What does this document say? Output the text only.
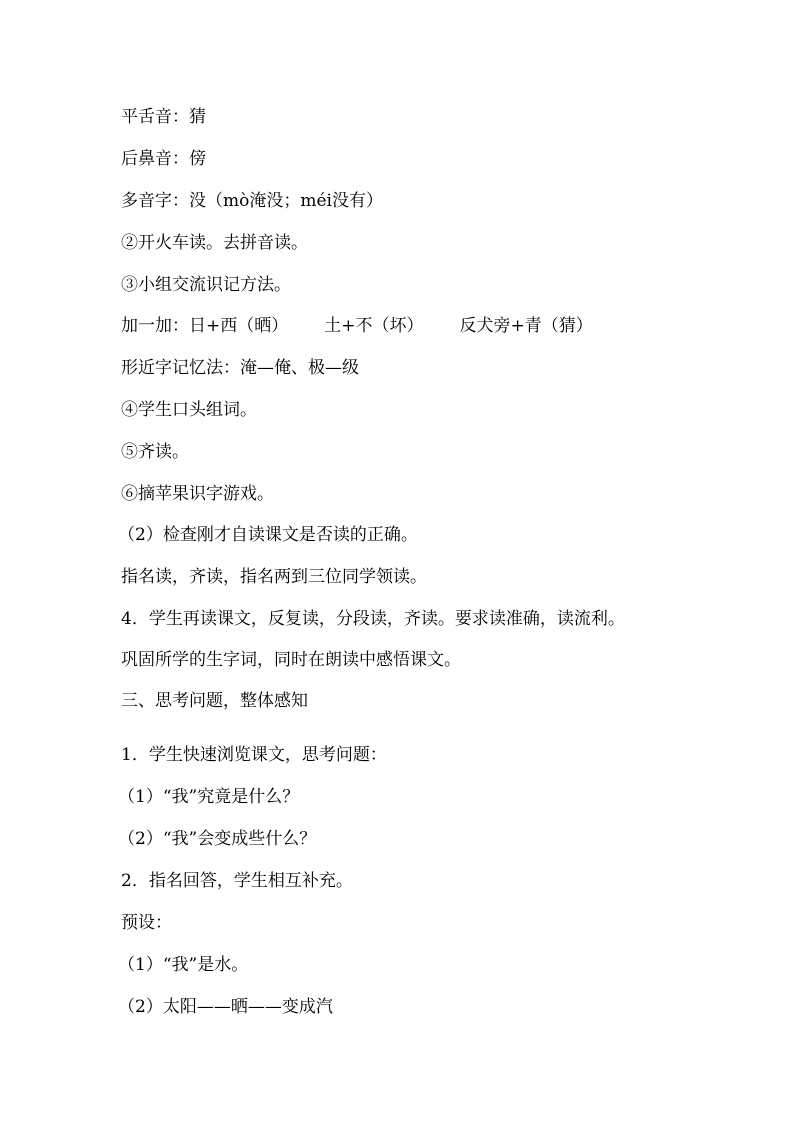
平舌音：猜

后鼻音：傍

多音字：没（mò淹没；méi没有）

②开火车读。去拼音读。

③小组交流识记方法。

加一加：日+西（晒） 土+不（坏） 反犬旁+青（猜）

形近字记忆法：淹—俺、极—级

④学生口头组词。

⑤齐读。

⑥摘苹果识字游戏。

（2）检查刚才自读课文是否读的正确。

指名读，齐读，指名两到三位同学领读。

4．学生再读课文，反复读，分段读，齐读。要求读准确，读流利。

巩固所学的生字词，同时在朗读中感悟课文。

三、思考问题，整体感知

1．学生快速浏览课文，思考问题：

（1）“我”究竟是什么？

（2）“我”会变成些什么？

2．指名回答，学生相互补充。

预设：

（1）“我”是水。

（2）太阳——晒——变成汽
